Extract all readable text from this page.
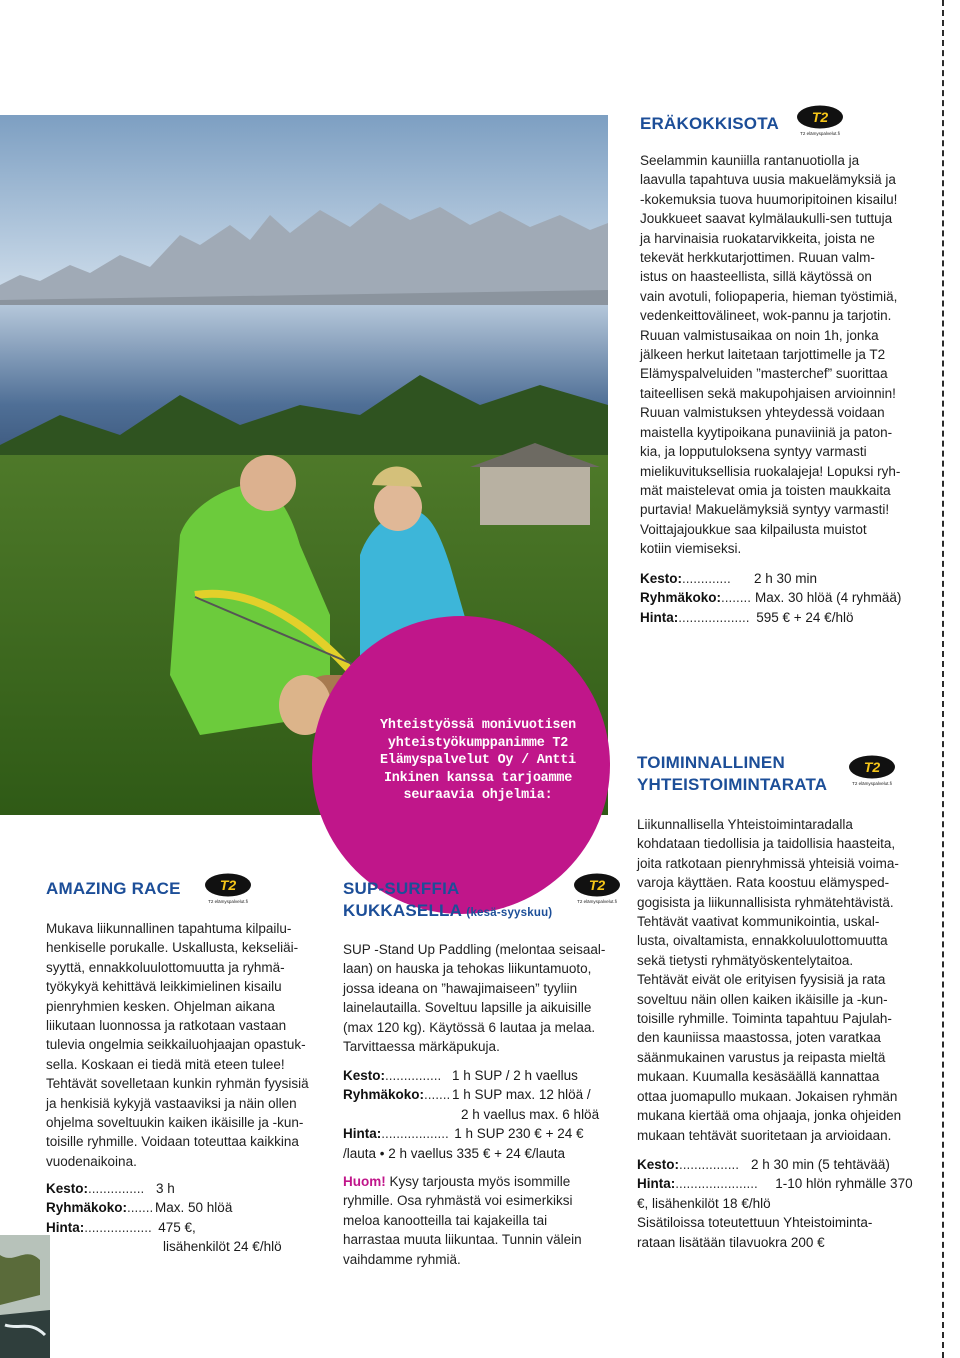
ERÄKOKKISOTA T2
T2 elämyspalvelut.fi
Seelammin kauniilla rantanuotiolla ja
laavulla tapahtuva uusia makuelämyksiä ja
-kokemuksia tuova huumoripitoinen kisailu!
Joukkueet saavat kylmälaukulli-sen tuttuja
ja harvinaisia ruokatarvikkeita, joista ne
tekevät herkkutarjottimen. Ruuan valm-
istus on haasteellista, sillä käytössä on
vain avotuli, foliopaperia, hieman työstimiä,
vedenkeittovälineet, wok-pannu ja tarjotin.
Ruuan valmistusaikaa on noin 1h, jonka
jälkeen herkut laitetaan tarjottimelle ja T2
Elämyspalveluiden ”masterchef” suorittaa
taiteellisen sekä makupohjaisen arvioinnin!
Ruuan valmistuksen yhteydessä voidaan
maistella kyytipoikana punaviiniä ja paton-
kia, ja lopputuloksena syntyy varmasti
mielikuvituksellisia ruokalajeja! Lopuksi ryh-
mät maistelevat omia ja toisten maukkaita
purtavia! Makuelämyksiä syntyy varmasti!
Voittajajoukkue saa kilpailusta muistot
kotiin viemiseksi.
Kesto: .............	2 h 30 min
Ryhmäkoko: ........ Max. 30 hlöä (4 ryhmää)
Hinta: ................... 595 € + 24 €/hlö
Yhteistyössä monivuotisen
yhteistyökumppanimme T2
Elämyspalvelut Oy / Antti
Inkinen kanssa tarjoamme
seuraavia ohjelmia:
TOIMINNALLINEN
YHTEISTOIMINTARATA
T2
T2 elämyspalvelut.fi
Liikunnallisella Yhteistoimintaradalla
kohdataan tiedollisia ja taidollisia haasteita,
joita ratkotaan pienryhmissä yhteisiä voima-
varoja käyttäen. Rata koostuu elämysped-
gogisista ja liikunnallisista ryhmätehtävistä.
Tehtävät vaativat kommunikointia, uskal-
lusta, oivaltamista, ennakkoluulottomuutta
sekä tietysti ryhmätyöskentelytaitoa.
Tehtävät eivät ole erityisen fyysisiä ja rata
soveltuu näin ollen kaiken ikäisille ja -kun-
toisille ryhmille. Toiminta tapahtuu Pajulah-
den kauniissa maastossa, joten varatkaa
säänmukainen varustus ja reipasta mieltä
mukaan. Kuumalla kesäsäällä kannattaa
ottaa juomapullo mukaan. Jokaisen ryhmän
mukana kiertää oma ohjaaja, jonka ohjeiden
mukaan tehtävät suoritetaan ja arvioidaan.
Kesto: ................ 2 h 30 min (5 tehtävää)
Hinta: ......................	1-10 hlön ryhmälle 370
€, lisähenkilöt 18 €/hlö
Sisätiloissa toteutettuun Yhteistoiminta-
rataan lisätään tilavuokra 200 €
AMAZING RACE	T2
T2 elämyspalvelut.fi
Mukava liikunnallinen tapahtuma kilpailu-
henkiselle porukalle. Uskallusta, kekseliäi-
syyttä, ennakkoluulottomuutta ja ryhmä-
työkykyä kehittävä leikkimielinen kisailu
pienryhmien kesken. Ohjelman aikana
liikutaan luonnossa ja ratkotaan vastaan
tulevia ongelmia seikkailuohjaajan opastuk-
sella. Koskaan ei tiedä mitä eteen tulee!
Tehtävät sovelletaan kunkin ryhmän fyysisiä
ja henkisiä kykyjä vastaaviksi ja näin ollen
ohjelma soveltuukin kaiken ikäisille ja -kun-
toisille ryhmille. Voidaan toteuttaa kaikkina
vuodenaikoina.
Kesto: ............... 3 h
Ryhmäkoko: ....... Max. 50 hlöä
Hinta: .................. 475 €,
lisähenkilöt 24 €/hlö
SUP-SURFFIA
KUKKASELLA (kesä-syyskuu)
T2
T2 elämyspalvelut.fi
SUP -Stand Up Paddling (melontaa seisaal-
laan) on hauska ja tehokas liikuntamuoto,
jossa ideana on ”hawajimaiseen” tyyliin
lainelautailla. Soveltuu lapsille ja aikuisille
(max 120 kg). Käytössä 6 lautaa ja melaa.
Tarvittaessa märkäpukuja.
Kesto: ............... 1 h SUP / 2 h vaellus
Ryhmäkoko: ....... 1 h SUP max. 12 hlöä /
2 h vaellus max. 6 hlöä
Hinta: .................. 1 h SUP 230 € + 24 €
/lauta • 2 h vaellus 335 € + 24 €/lauta
Huom! Kysy tarjousta myös isommille
ryhmille. Osa ryhmästä voi esimerkiksi
meloa kanootteilla tai kajakeilla tai
harrastaa muuta liikuntaa. Tunnin välein
vaihdamme ryhmiä.
